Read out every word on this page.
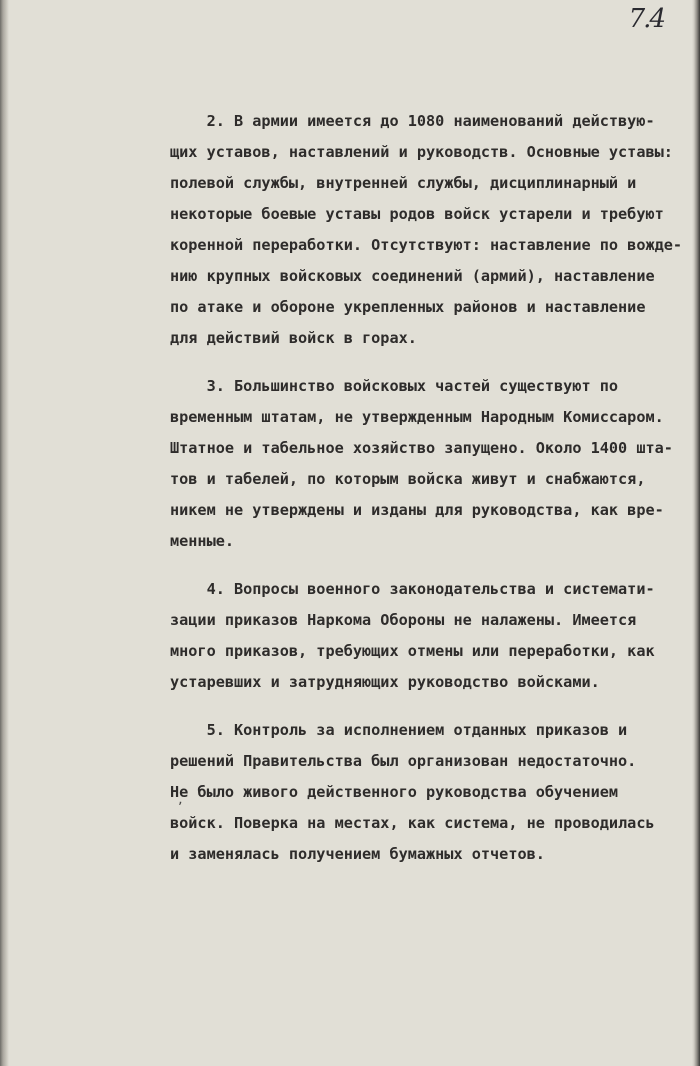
7.4
2. В армии имеется до 1080 наименований действую-
щих уставов, наставлений и руководств. Основные уставы:
полевой службы, внутренней службы, дисциплинарный и
некоторые боевые уставы родов войск устарели и требуют
коренной переработки. Отсутствуют: наставление по вожде-
нию крупных войсковых соединений (армий), наставление
по атаке и обороне укрепленных районов и наставление
для действий войск в горах.
3. Большинство войсковых частей существуют по
временным штатам, не утвержденным Народным Комиссаром.
Штатное и табельное хозяйство запущено. Около 1400 шта-
тов и табелей, по которым войска живут и снабжаются,
никем не утверждены и изданы для руководства, как вре-
менные.
4. Вопросы военного законодательства и системати-
зации приказов Наркома Обороны не налажены. Имеется
много приказов, требующих отмены или переработки, как
устаревших и затрудняющих руководство войсками.
5. Контроль за исполнением отданных приказов и
решений Правительства был организован недостаточно.
Не было живого действенного руководства обучением
войск. Поверка на местах, как система, не проводилась
и заменялась получением бумажных отчетов.
ʼ
